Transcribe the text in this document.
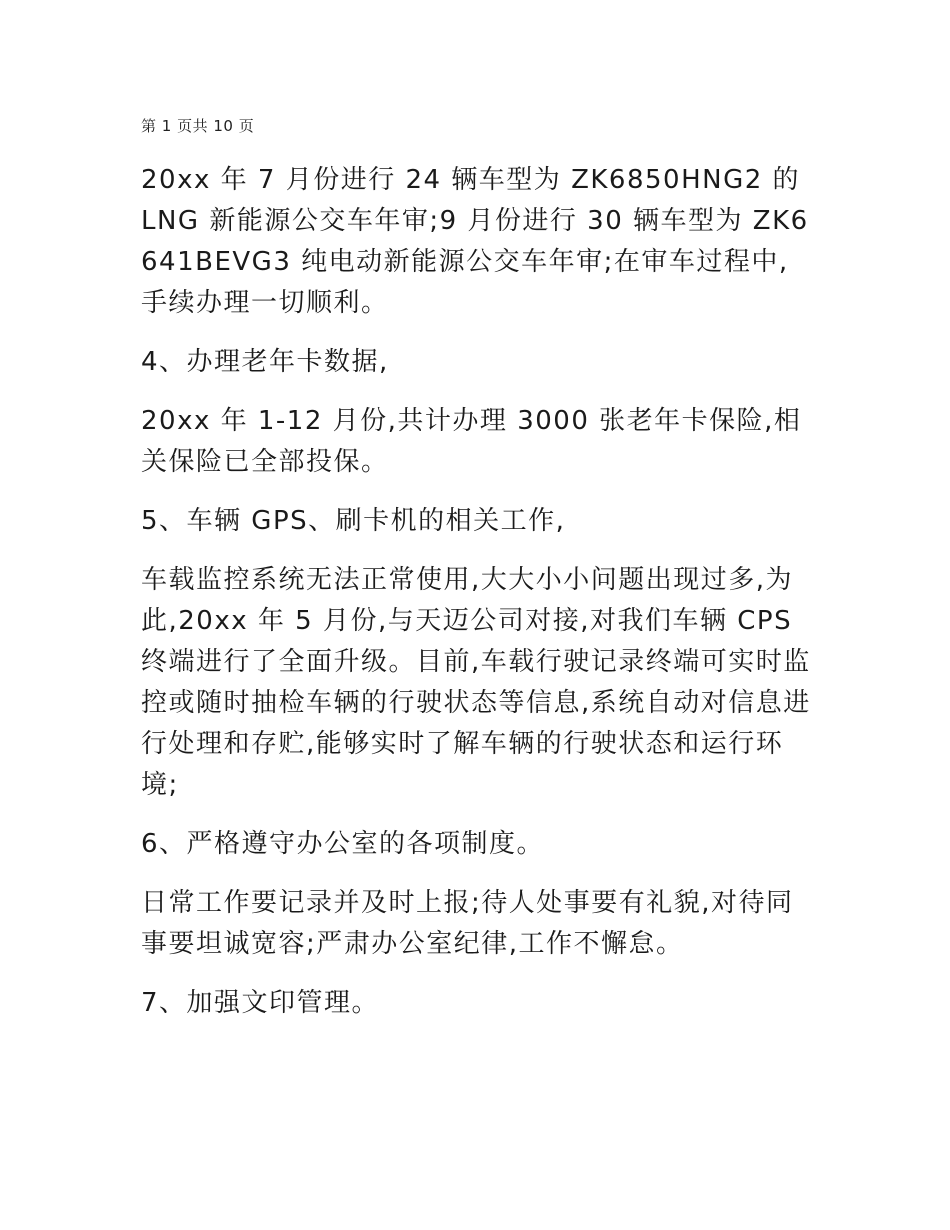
第 1 页共 10 页

20xx 年 7 月份进行 24 辆车型为 ZK6850HNG2 的 LNG 新能源公交车年审;9 月份进行 30 辆车型为 ZK6641BEVG3 纯电动新能源公交车年审;在审车过程中,手续办理一切顺利。

4、办理老年卡数据,

20xx 年 1-12 月份,共计办理 3000 张老年卡保险,相关保险已全部投保。

5、车辆 GPS、刷卡机的相关工作,

车载监控系统无法正常使用,大大小小问题出现过多,为此,20xx 年 5 月份,与天迈公司对接,对我们车辆 CPS 终端进行了全面升级。目前,车载行驶记录终端可实时监控或随时抽检车辆的行驶状态等信息,系统自动对信息进行处理和存贮,能够实时了解车辆的行驶状态和运行环境;

6、严格遵守办公室的各项制度。

日常工作要记录并及时上报;待人处事要有礼貌,对待同事要坦诚宽容;严肃办公室纪律,工作不懈怠。

7、加强文印管理。
